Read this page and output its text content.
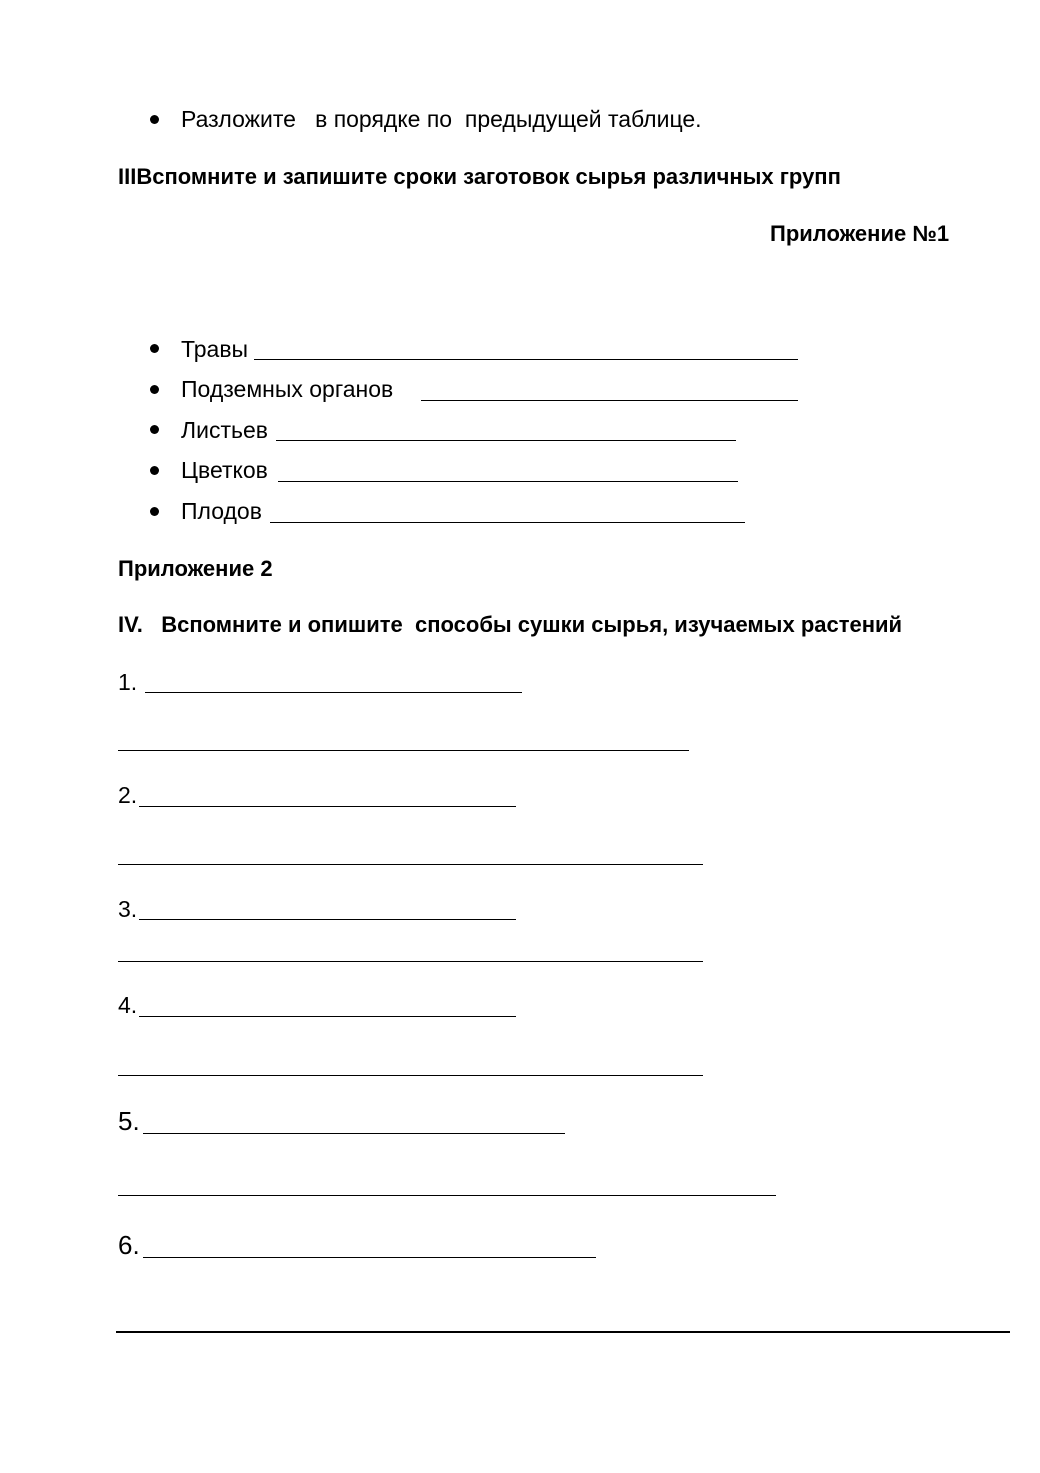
Разложите   в порядке по  предыдущей таблице.
IIIВспомните и запишите сроки заготовок сырья различных групп
Приложение №1
Травы
Подземных органов
Листьев
Цветков
Плодов
Приложение 2
IV.   Вспомните и опишите  способы сушки сырья, изучаемых растений
1.
2.
3.
4.
5.
6.
